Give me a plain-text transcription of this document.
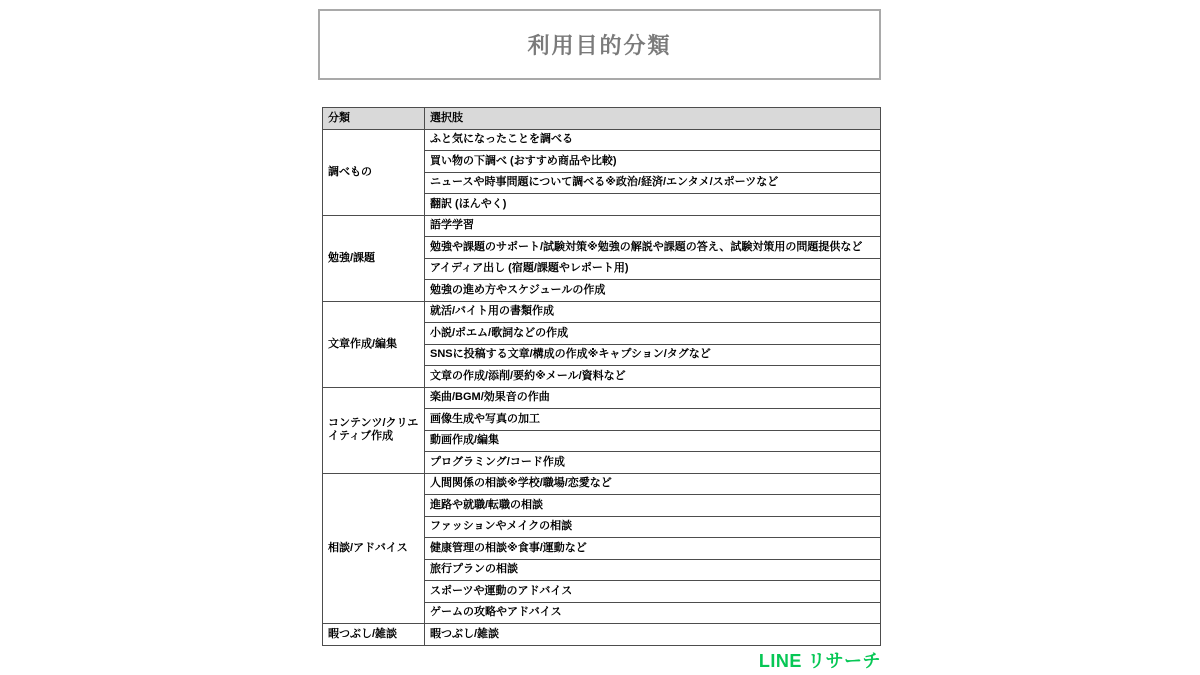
利用目的分類
分類	選択肢
調べもの	ふと気になったことを調べる
	買い物の下調べ (おすすめ商品や比較)
	ニュースや時事問題について調べる※政治/経済/エンタメ/スポーツなど
	翻訳 (ほんやく)
勉強/課題	語学学習
	勉強や課題のサポート/試験対策※勉強の解説や課題の答え、試験対策用の問題提供など
	アイディア出し (宿題/課題やレポート用)
	勉強の進め方やスケジュールの作成
文章作成/編集	就活/バイト用の書類作成
	小説/ポエム/歌詞などの作成
	SNSに投稿する文章/構成の作成※キャプション/タグなど
	文章の作成/添削/要約※メール/資料など
コンテンツ/クリエイティブ作成	楽曲/BGM/効果音の作曲
	画像生成や写真の加工
	動画作成/編集
	プログラミング/コード作成
相談/アドバイス	人間関係の相談※学校/職場/恋愛など
	進路や就職/転職の相談
	ファッションやメイクの相談
	健康管理の相談※食事/運動など
	旅行プランの相談
	スポーツや運動のアドバイス
	ゲームの攻略やアドバイス
暇つぶし/雑談	暇つぶし/雑談
LINE リサーチ
